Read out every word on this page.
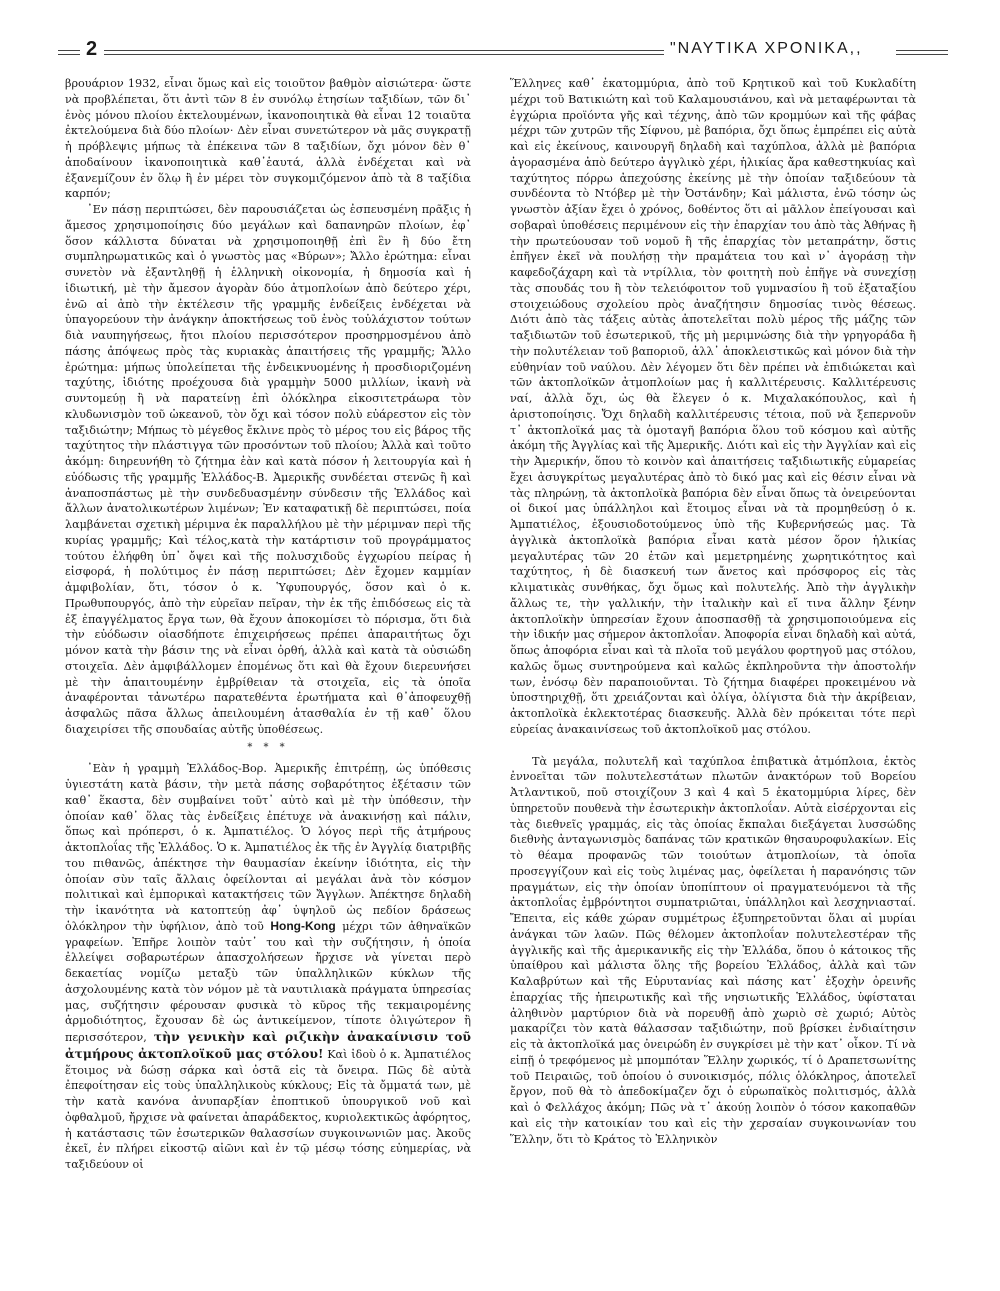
2	"ΝΑΥΤΙΚΑ ΧΡΟΝΙΚΑ,,

βρουάριον 1932, εἶναι ὅμως καὶ εἰς τοιοῦτον βαθμὸν αἰσιώτερα· ὥστε νὰ προβλέπεται, ὅτι ἀντὶ τῶν 8 ἐν συνόλῳ ἐτησίων ταξιδίων, τῶν δι᾽ ἑνὸς μόνου πλοίου ἐκτελουμένων, ἱκανοποιητικὰ θὰ εἶναι 12 τοιαῦτα ἐκτελούμενα διὰ δύο πλοίων· Δὲν εἶναι συνετώτερον νὰ μᾶς συγκρατῇ ἡ πρόβλεψις μήπως τὰ ἐπέκεινα τῶν 8 ταξιδίων, ὄχι μόνον δὲν θ᾽ ἀποδαίνουν ἱκανοποιητικὰ καθ᾽ἑαυτά, ἀλλὰ ἐνδέχεται καὶ νὰ ἐξανεμίζουν ἐν ὅλῳ ἢ ἐν μέρει τὸν συγκομιζόμενον ἀπὸ τὰ 8 ταξίδια καρπόν;

᾽Εν πάσῃ περιπτώσει, δὲν παρουσιάζεται ὡς ἐσπευσμένη πρᾶξις ἡ ἄμεσος χρησιμοποίησις δύο μεγάλων καὶ δαπανηρῶν πλοίων, ἐφ᾽ ὅσον κάλλιστα δύναται νὰ χρησιμοποιηθῇ ἐπὶ ἓν ἢ δύο ἔτη συμπληρωματικῶς καὶ ὁ γνωστὸς μας «Βύρων»; Ἄλλο ἐρώτημα: εἶναι συνετὸν νὰ ἐξαντληθῇ ἡ ἑλληνικὴ οἰκονομία, ἡ δημοσία καὶ ἡ ἰδιωτική, μὲ τὴν ἄμεσον ἀγορὰν δύο ἀτμοπλοίων ἀπὸ δεύτερο χέρι, ἐνῶ αἱ ἀπὸ τὴν ἐκτέλεσιν τῆς γραμμῆς ἐνδείξεις ἐνδέχεται νὰ ὑπαγορεύουν τὴν ἀνάγκην ἀποκτήσεως τοῦ ἑνὸς τοὐλάχιστον τούτων διὰ ναυπηγήσεως, ἤτοι πλοίου περισσότερον προσηρμοσμένου ἀπὸ πάσης ἀπόψεως πρὸς τὰς κυριακὰς ἀπαιτήσεις τῆς γραμμῆς; Ἄλλο ἐρώτημα: μήπως ὑπολείπεται τῆς ἐνδεικνυομένης ἡ προσδιοριζομένη ταχύτης, ἰδιότης προέχουσα διὰ γραμμὴν 5000 μιλλίων, ἱκανὴ νὰ συντομεύῃ ἢ νὰ παρατείνῃ ἐπὶ ὁλόκληρα εἰκοσιτετράωρα τὸν κλυδωνισμὸν τοῦ ὠκεανοῦ, τὸν ὄχι καὶ τόσον πολὺ εὐάρεστον εἰς τὸν ταξιδιώτην; Μήπως τὸ μέγεθος ἔκλινε πρὸς τὸ μέρος του εἰς βάρος τῆς ταχύτητος τὴν πλάστιγγα τῶν προσόντων τοῦ πλοίου; Ἀλλὰ καὶ τοῦτο ἀκόμη: διηρευνήθη τὸ ζήτημα ἐὰν καὶ κατὰ πόσον ἡ λειτουργία καὶ ἡ εὐόδωσις τῆς γραμμῆς Ἑλλάδος-Β. Ἀμερικῆς συνδέεται στενῶς ἢ καὶ ἀναποσπάστως μὲ τὴν συνδεδυασμένην σύνδεσιν τῆς Ἑλλάδος καὶ ἄλλων ἀνατολικωτέρων λιμένων; Ἐν καταφατικῇ δὲ περιπτώσει, ποία λαμβάνεται σχετικὴ μέριμνα ἐκ παραλλήλου μὲ τὴν μέριμναν περὶ τῆς κυρίας γραμμῆς; Καὶ τέλος,κατὰ τὴν κατάρτισιν τοῦ προγράμματος τούτου ἐλήφθη ὑπ᾽ ὄψει καὶ τῆς πολυσχιδοῦς ἐγχωρίου πείρας ἡ εἰσφορά, ἡ πολύτιμος ἐν πάσῃ περιπτώσει; Δὲν ἔχομεν καμμίαν ἀμφιβολίαν, ὅτι, τόσον ὁ κ. Ὑφυπουργός, ὅσον καὶ ὁ κ. Πρωθυπουργός, ἀπὸ τὴν εὐρεῖαν πεῖραν, τὴν ἐκ τῆς ἐπιδόσεως εἰς τὰ ἐξ ἐπαγγέλματος ἔργα των, θὰ ἔχουν ἀποκομίσει τὸ πόρισμα, ὅτι διὰ τὴν εὐόδωσιν οἱασδήποτε ἐπιχειρήσεως πρέπει ἀπαραιτήτως ὄχι μόνον κατὰ τὴν βάσιν της νὰ εἶναι ὀρθή, ἀλλὰ καὶ κατὰ τὰ οὐσιώδη στοιχεῖα. Δὲν ἀμφιβάλλομεν ἑπομένως ὅτι καὶ θὰ ἔχουν διερευνήσει μὲ τὴν ἀπαιτουμένην ἐμβρίθειαν τὰ στοιχεῖα, εἰς τὰ ὁποῖα ἀναφέρονται τἀνωτέρω παρατεθέντα ἐρωτήματα καὶ θ᾽ἀποφευχθῇ ἀσφαλῶς πᾶσα ἄλλως ἀπειλουμένη ἀτασθαλία ἐν τῇ καθ᾽ ὅλου διαχειρίσει τῆς σπουδαίας αὐτῆς ὑποθέσεως.

* * *

᾽Εὰν ἡ γραμμὴ Ἑλλάδος-Βορ. Ἀμερικῆς ἐπιτρέπῃ, ὡς ὑπόθεσις ὑγιεστάτη κατὰ βάσιν, τὴν μετὰ πάσης σοβαρότητος ἐξέτασιν τῶν καθ᾽ ἕκαστα, δὲν συμβαίνει τοῦτ᾽ αὐτὸ καὶ μὲ τὴν ὑπόθεσιν, τὴν ὁποίαν καθ᾽ ὅλας τὰς ἐνδείξεις ἐπέτυχε νὰ ἀνακινήσῃ καὶ πάλιν, ὅπως καὶ πρόπερσι, ὁ κ. Ἀμπατιέλος. Ὁ λόγος περὶ τῆς ἀτμήρους ἀκτοπλοΐας τῆς Ἑλλάδος. Ὁ κ. Ἀμπατιέλος ἐκ τῆς ἐν Ἀγγλίᾳ διατριβῆς του πιθανῶς, ἀπέκτησε τὴν θαυμασίαν ἐκείνην ἰδιότητα, εἰς τὴν ὁποίαν σὺν ταῖς ἄλλαις ὀφείλονται αἱ μεγάλαι ἀνὰ τὸν κόσμον πολιτικαὶ καὶ ἐμπορικαὶ κατακτήσεις τῶν Ἄγγλων. Ἀπέκτησε δηλαδὴ τὴν ἱκανότητα νὰ κατοπτεύῃ ἀφ᾽ ὑψηλοῦ ὡς πεδίον δράσεως ὁλόκληρον τὴν ὑφήλιον, ἀπὸ τοῦ Hong-Kong μέχρι τῶν ἀθηναϊκῶν γραφείων. Ἐπῆρε λοιπὸν ταὐτ᾽ του καὶ τὴν συζήτησιν, ἡ ὁποία ἐλλείψει σοβαρωτέρων ἀπασχολήσεων ἤρχισε νὰ γίνεται περὸ δεκαετίας νομίζω μεταξὺ τῶν ὑπαλληλικῶν κύκλων τῆς ἀσχολουμένης κατὰ τὸν νόμον μὲ τὰ ναυτιλιακὰ πράγματα ὑπηρεσίας μας, συζήτησιν φέρουσαν φυσικὰ τὸ κῦρος τῆς τεκμαιρομένης ἁρμοδιότητος, ἔχουσαν δὲ ὡς ἀντικείμενον, τίποτε ὀλιγώτερον ἢ περισσότερον, τὴν γενικὴν καὶ ριζικὴν ἀνακαίνισιν τοῦ ἀτμήρους ἀκτοπλοϊκοῦ μας στόλου! Καὶ ἰδοὺ ὁ κ. Ἀμπατιέλος ἕτοιμος νὰ δώσῃ σάρκα καὶ ὀστᾶ εἰς τὰ ὄνειρα. Πῶς δὲ αὐτὰ ἐπεφοίτησαν εἰς τοὺς ὑπαλληλικοὺς κύκλους; Εἰς τὰ ὄμματά των, μὲ τὴν κατὰ κανόνα ἀνυπαρξίαν ἐποπτικοῦ ὑπουργικοῦ νοῦ καὶ ὀφθαλμοῦ, ἤρχισε νὰ φαίνεται ἀπαράδεκτος, κυριολεκτικῶς ἀφόρητος, ἡ κατάστασις τῶν ἐσωτερικῶν θαλασσίων συγκοινωνιῶν μας. Ἀκοῦς ἐκεῖ, ἐν πλήρει εἰκοστῷ αἰῶνι καὶ ἐν τῷ μέσῳ τόσης εὐημερίας, νὰ ταξιδεύουν οἱ

Ἕλληνες καθ᾽ ἑκατομμύρια, ἀπὸ τοῦ Κρητικοῦ καὶ τοῦ Κυκλαδίτη μέχρι τοῦ Βατικιώτη καὶ τοῦ Καλαμουσιάνου, καὶ νὰ μεταφέρωνται τὰ ἐγχώρια προϊόντα γῆς καὶ τέχνης, ἀπὸ τῶν κρομμύων καὶ τῆς φάβας μέχρι τῶν χυτρῶν τῆς Σίφνου, μὲ βαπόρια, ὄχι ὅπως ἐμπρέπει εἰς αὐτὰ καὶ εἰς ἐκείνους, καινουργῆ δηλαδὴ καὶ ταχύπλοα, ἀλλὰ μὲ βαπόρια ἀγορασμένα ἀπὸ δεύτερο ἀγγλικὸ χέρι, ἡλικίας ἄρα καθεστηκυίας καὶ ταχύτητος πόρρω ἀπεχούσης ἐκείνης μὲ τὴν ὁποίαν ταξιδεύουν τὰ συνδέοντα τὸ Ντόβερ μὲ τὴν Ὀστάνδην; Καὶ μάλιστα, ἐνῶ τόσην ὡς γνωστὸν ἀξίαν ἔχει ὁ χρόνος, δοθέντος ὅτι αἱ μᾶλλον ἐπείγουσαι καὶ σοβαραὶ ὑποθέσεις περιμένουν εἰς τὴν ἐπαρχίαν του ἀπὸ τὰς Ἀθήνας ἢ τὴν πρωτεύουσαν τοῦ νομοῦ ἢ τῆς ἐπαρχίας τὸν μεταπράτην, ὅστις ἐπῆγεν ἐκεῖ νὰ πουλήσῃ τὴν πραμάτεια του καὶ ν᾽ ἀγοράσῃ τὴν καφεδοζάχαρη καὶ τὰ ντρίλλια, τὸν φοιτητὴ ποὺ ἐπῆγε νὰ συνεχίσῃ τὰς σπουδάς του ἢ τὸν τελειόφοιτον τοῦ γυμνασίου ἢ τοῦ ἐξαταξίου στοιχειώδους σχολείου πρὸς ἀναζήτησιν δημοσίας τινὸς θέσεως. Διότι ἀπὸ τὰς τάξεις αὐτὰς ἀποτελεῖται πολὺ μέρος τῆς μάζης τῶν ταξιδιωτῶν τοῦ ἐσωτερικοῦ, τῆς μὴ μεριμνώσης διὰ τὴν γρηγοράδα ἢ τὴν πολυτέλειαν τοῦ βαποριοῦ, ἀλλ᾽ ἀποκλειστικῶς καὶ μόνον διὰ τὴν εὐθηνίαν τοῦ ναύλου. Δὲν λέγομεν ὅτι δὲν πρέπει νὰ ἐπιδιώκεται καὶ τῶν ἀκτοπλοϊκῶν ἀτμοπλοίων μας ἡ καλλιτέρευσις. Καλλιτέρευσις ναί, ἀλλὰ ὄχι, ὡς θὰ ἔλεγεν ὁ κ. Μιχαλακόπουλος, καὶ ἡ ἀριστοποίησις. Ὄχι δηλαδὴ καλλιτέρευσις τέτοια, ποῦ νὰ ξεπερνοῦν τ᾽ ἀκτοπλοϊκά μας τὰ ὁμοταγῆ βαπόρια ὅλου τοῦ κόσμου καὶ αὐτῆς ἀκόμη τῆς Ἀγγλίας καὶ τῆς Ἀμερικῆς. Διότι καὶ εἰς τὴν Ἀγγλίαν καὶ εἰς τὴν Ἀμερικήν, ὅπου τὸ κοινὸν καὶ ἀπαιτήσεις ταξιδιωτικῆς εὐμαρείας ἔχει ἀσυγκρίτως μεγαλυτέρας ἀπὸ τὸ δικό μας καὶ εἰς θέσιν εἶναι νὰ τὰς πληρώνῃ, τὰ ἀκτοπλοϊκὰ βαπόρια δὲν εἶναι ὅπως τὰ ὀνειρεύονται οἱ δικοί μας ὑπάλληλοι καὶ ἕτοιμος εἶναι νὰ τὰ προμηθεύσῃ ὁ κ. Ἀμπατιέλος, ἐξουσιοδοτούμενος ὑπὸ τῆς Κυβερνήσεώς μας. Τὰ ἀγγλικὰ ἀκτοπλοϊκὰ βαπόρια εἶναι κατὰ μέσον ὅρον ἡλικίας μεγαλυτέρας τῶν 20 ἐτῶν καὶ μεμετρημένης χωρητικότητος καὶ ταχύτητος, ἡ δὲ διασκευή των ἄνετος καὶ πρόσφορος εἰς τὰς κλιματικὰς συνθήκας, ὄχι ὅμως καὶ πολυτελής. Ἀπὸ τὴν ἀγγλικὴν ἄλλως τε, τὴν γαλλικήν, τὴν ἰταλικὴν καὶ εἴ τινα ἄλλην ξένην ἀκτοπλοϊκὴν ὑπηρεσίαν ἔχουν ἀποσπασθῇ τὰ χρησιμοποιούμενα εἰς τὴν ἰδικήν μας σήμερον ἀκτοπλοΐαν. Ἀποφορία εἶναι δηλαδὴ καὶ αὐτά, ὅπως ἀποφόρια εἶναι καὶ τὰ πλοῖα τοῦ μεγάλου φορτηγοῦ μας στόλου, καλῶς ὅμως συντηρούμενα καὶ καλῶς ἐκπληροῦντα τὴν ἀποστολήν των, ἐνόσῳ δὲν παραποιοῦνται. Τὸ ζήτημα διαφέρει προκειμένου νὰ ὑποστηριχθῇ, ὅτι χρειάζονται καὶ ὀλίγα, ὀλίγιστα διὰ τὴν ἀκρίβειαν, ἀκτοπλοϊκὰ ἐκλεκτοτέρας διασκευῆς. Ἀλλὰ δὲν πρόκειται τότε περὶ εὐρείας ἀνακαινίσεως τοῦ ἀκτοπλοϊκοῦ μας στόλου.

Τὰ μεγάλα, πολυτελῆ καὶ ταχύπλοα ἐπιβατικὰ ἀτμόπλοια, ἐκτὸς ἐννοεῖται τῶν πολυτελεστάτων πλωτῶν ἀνακτόρων τοῦ Βορείου Ἀτλαντικοῦ, ποῦ στοιχίζουν 3 καὶ 4 καὶ 5 ἑκατομμύρια λίρες, δὲν ὑπηρετοῦν πουθενὰ τὴν ἐσωτερικὴν ἀκτοπλοΐαν. Αὐτὰ εἰσέρχονται εἰς τὰς διεθνεῖς γραμμάς, εἰς τὰς ὁποίας ἔκπαλαι διεξάγεται λυσσώδης διεθνὴς ἀνταγωνισμὸς δαπάνας τῶν κρατικῶν θησαυροφυλακίων. Εἰς τὸ θέαμα προφανῶς τῶν τοιούτων ἀτμοπλοίων, τὰ ὁποῖα προσεγγίζουν καὶ εἰς τοὺς λιμένας μας, ὀφείλεται ἡ παρανόησις τῶν πραγμάτων, εἰς τὴν ὁποίαν ὑποπίπτουν οἱ πραγματευόμενοι τὰ τῆς ἀκτοπλοΐας ἐμβρόντητοι συμπατριῶται, ὑπάλληλοι καὶ λεσχηνιασταί. Ἔπειτα, εἰς κάθε χώραν συμμέτρως ἐξυπηρετοῦνται ὅλαι αἱ μυρίαι ἀνάγκαι τῶν λαῶν. Πῶς θέλομεν ἀκτοπλοΐαν πολυτελεστέραν τῆς ἀγγλικῆς καὶ τῆς ἀμερικανικῆς εἰς τὴν Ἑλλάδα, ὅπου ὁ κάτοικος τῆς ὑπαίθρου καὶ μάλιστα ὅλης τῆς βορείου Ἑλλάδος, ἀλλὰ καὶ τῶν Καλαβρύτων καὶ τῆς Εὐρυτανίας καὶ πάσης κατ᾽ ἐξοχὴν ὀρεινῆς ἐπαρχίας τῆς ἠπειρωτικῆς καὶ τῆς νησιωτικῆς Ἑλλάδος, ὑφίσταται ἀληθινὸν μαρτύριον διὰ νὰ πορευθῇ ἀπὸ χωριὸ σὲ χωριό; Αὐτὸς μακαρίζει τὸν κατὰ θάλασσαν ταξιδιώτην, ποῦ βρίσκει ἐνδιαίτησιν εἰς τὰ ἀκτοπλοϊκά μας ὀνειρώδη ἐν συγκρίσει μὲ τὴν κατ᾽ οἶκον. Τί νὰ εἰπῇ ὁ τρεφόμενος μὲ μπομπόταν Ἕλλην χωρικός, τί ὁ Δραπετσωνίτης τοῦ Πειραιῶς, τοῦ ὁποίου ὁ συνοικισμός, πόλις ὁλόκληρος, ἀποτελεῖ ἔργον, ποῦ θὰ τὸ ἀπεδοκίμαζεν ὄχι ὁ εὐρωπαϊκὸς πολιτισμός, ἀλλὰ καὶ ὁ Φελλάχος ἀκόμη; Πῶς νὰ τ᾽ ἀκούῃ λοιπὸν ὁ τόσον κακοπαθῶν καὶ εἰς τὴν κατοικίαν του καὶ εἰς τὴν χερσαίαν συγκοινωνίαν του Ἕλλην, ὅτι τὸ Κράτος τὸ Ἑλληνικὸν
